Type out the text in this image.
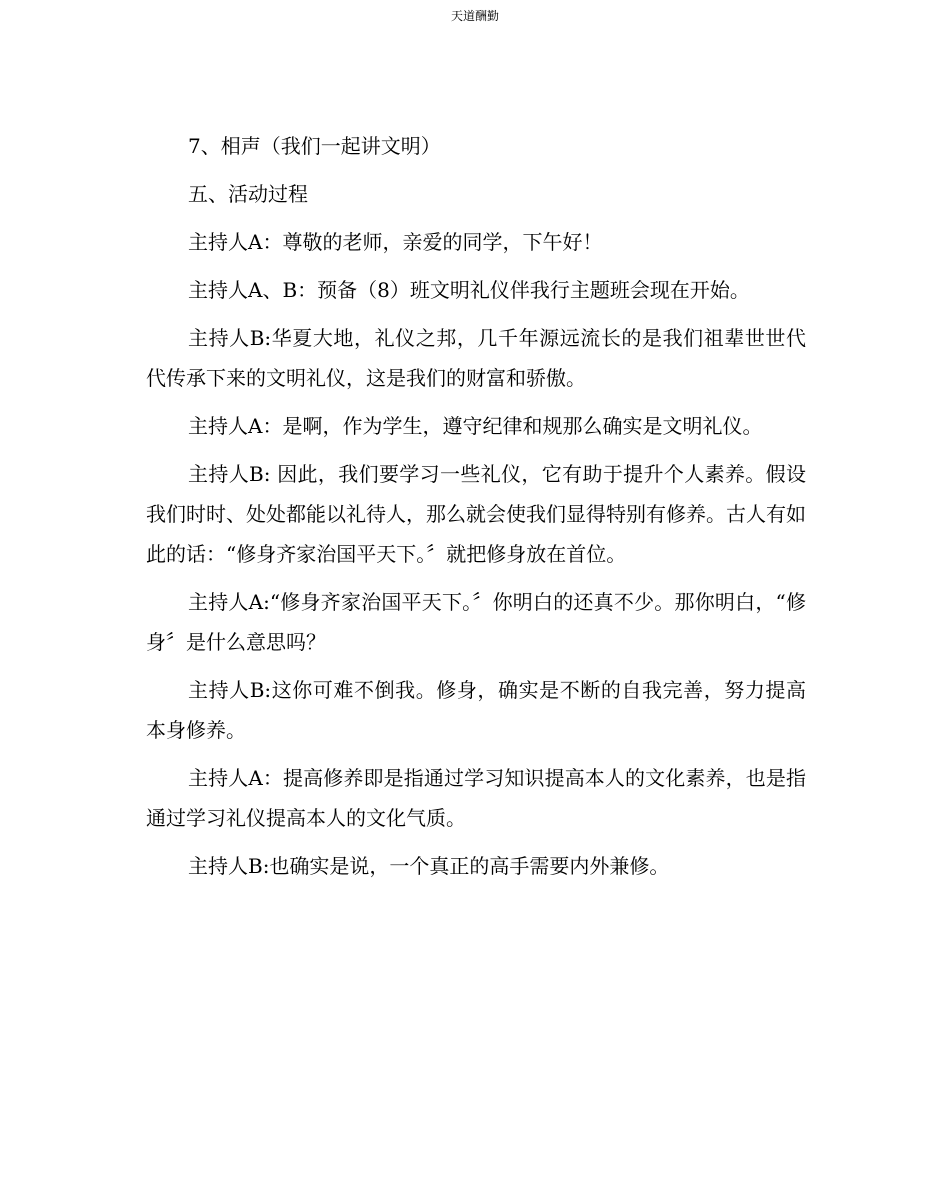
天道酬勤

7、相声（我们一起讲文明）

五、活动过程

主持人A：尊敬的老师，亲爱的同学，下午好！

主持人A、B：预备（8）班文明礼仪伴我行主题班会现在开始。

主持人B:华夏大地，礼仪之邦，几千年源远流长的是我们祖辈世世代代传承下来的文明礼仪，这是我们的财富和骄傲。

主持人A：是啊，作为学生，遵守纪律和规那么确实是文明礼仪。

主持人B: 因此，我们要学习一些礼仪，它有助于提升个人素养。假设我们时时、处处都能以礼待人，那么就会使我们显得特别有修养。古人有如此的话：“修身齐家治国平天下。〞就把修身放在首位。

主持人A:“修身齐家治国平天下。〞你明白的还真不少。那你明白，“修身〞是什么意思吗？

主持人B:这你可难不倒我。修身，确实是不断的自我完善，努力提高本身修养。

主持人A：提高修养即是指通过学习知识提高本人的文化素养，也是指通过学习礼仪提高本人的文化气质。

主持人B:也确实是说，一个真正的高手需要内外兼修。
